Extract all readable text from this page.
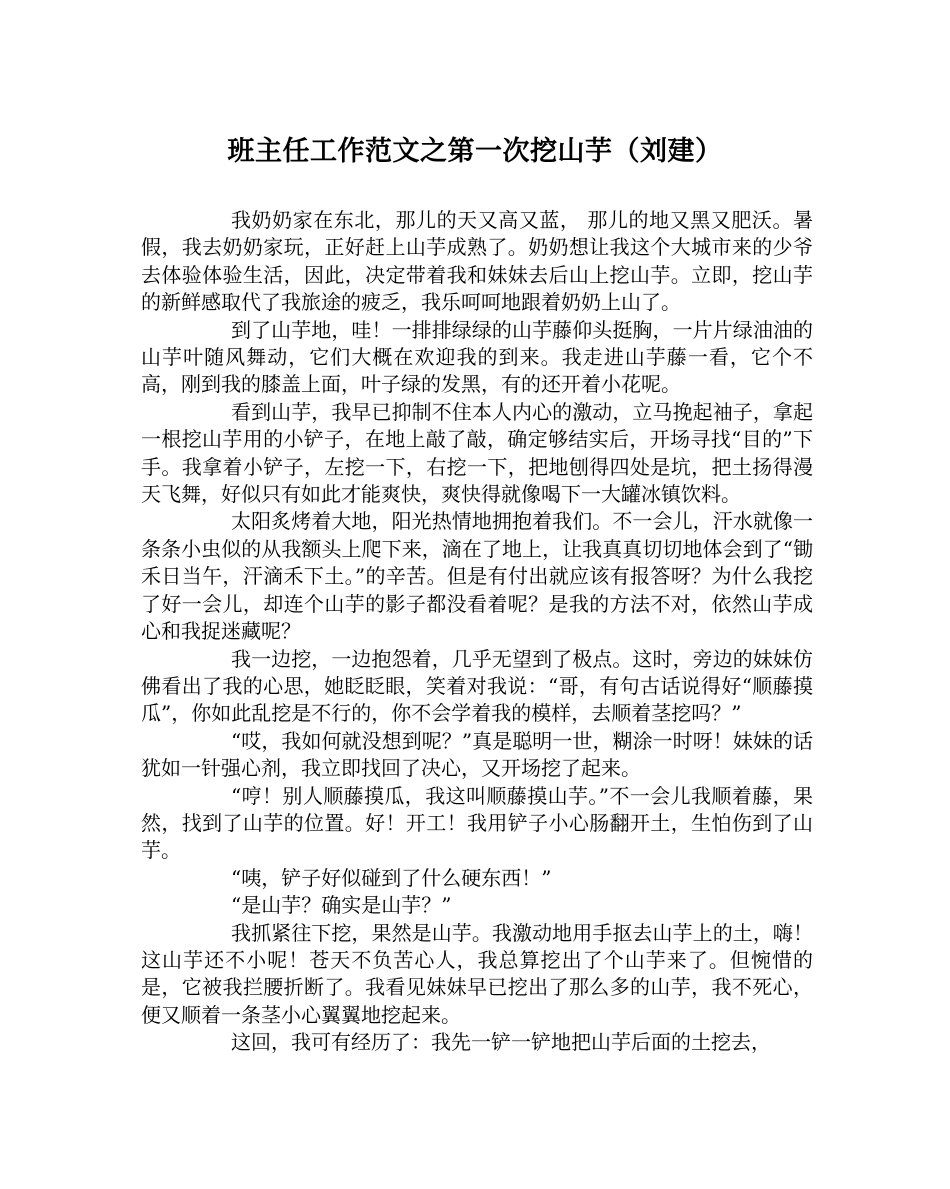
班主任工作范文之第一次挖山芋（刘建）

我奶奶家在东北，那儿的天又高又蓝， 那儿的地又黑又肥沃。暑假，我去奶奶家玩，正好赶上山芋成熟了。奶奶想让我这个大城市来的少爷去体验体验生活，因此，决定带着我和妹妹去后山上挖山芋。立即，挖山芋的新鲜感取代了我旅途的疲乏，我乐呵呵地跟着奶奶上山了。

到了山芋地，哇！一排排绿绿的山芋藤仰头挺胸，一片片绿油油的山芋叶随风舞动，它们大概在欢迎我的到来。我走进山芋藤一看，它个不高，刚到我的膝盖上面，叶子绿的发黑，有的还开着小花呢。

看到山芋，我早已抑制不住本人内心的激动，立马挽起袖子，拿起一根挖山芋用的小铲子，在地上敲了敲，确定够结实后，开场寻找“目的”下手。我拿着小铲子，左挖一下，右挖一下，把地刨得四处是坑，把土扬得漫天飞舞，好似只有如此才能爽快，爽快得就像喝下一大罐冰镇饮料。

太阳炙烤着大地，阳光热情地拥抱着我们。不一会儿，汗水就像一条条小虫似的从我额头上爬下来，滴在了地上，让我真真切切地体会到了“锄禾日当午，汗滴禾下土。”的辛苦。但是有付出就应该有报答呀？为什么我挖了好一会儿，却连个山芋的影子都没看着呢？是我的方法不对，依然山芋成心和我捉迷藏呢？

我一边挖，一边抱怨着，几乎无望到了极点。这时，旁边的妹妹仿佛看出了我的心思，她眨眨眼，笑着对我说：“哥，有句古话说得好“顺藤摸瓜”，你如此乱挖是不行的，你不会学着我的模样，去顺着茎挖吗？”

“哎，我如何就没想到呢？”真是聪明一世，糊涂一时呀！妹妹的话犹如一针强心剂，我立即找回了决心，又开场挖了起来。

“哼！别人顺藤摸瓜，我这叫顺藤摸山芋。”不一会儿我顺着藤，果然，找到了山芋的位置。好！开工！我用铲子小心肠翻开土，生怕伤到了山芋。

“咦，铲子好似碰到了什么硬东西！”

“是山芋？确实是山芋？”

我抓紧往下挖，果然是山芋。我激动地用手抠去山芋上的土，嗨！这山芋还不小呢！苍天不负苦心人，我总算挖出了个山芋来了。但惋惜的是，它被我拦腰折断了。我看见妹妹早已挖出了那么多的山芋，我不死心，便又顺着一条茎小心翼翼地挖起来。

这回，我可有经历了：我先一铲一铲地把山芋后面的土挖去，
